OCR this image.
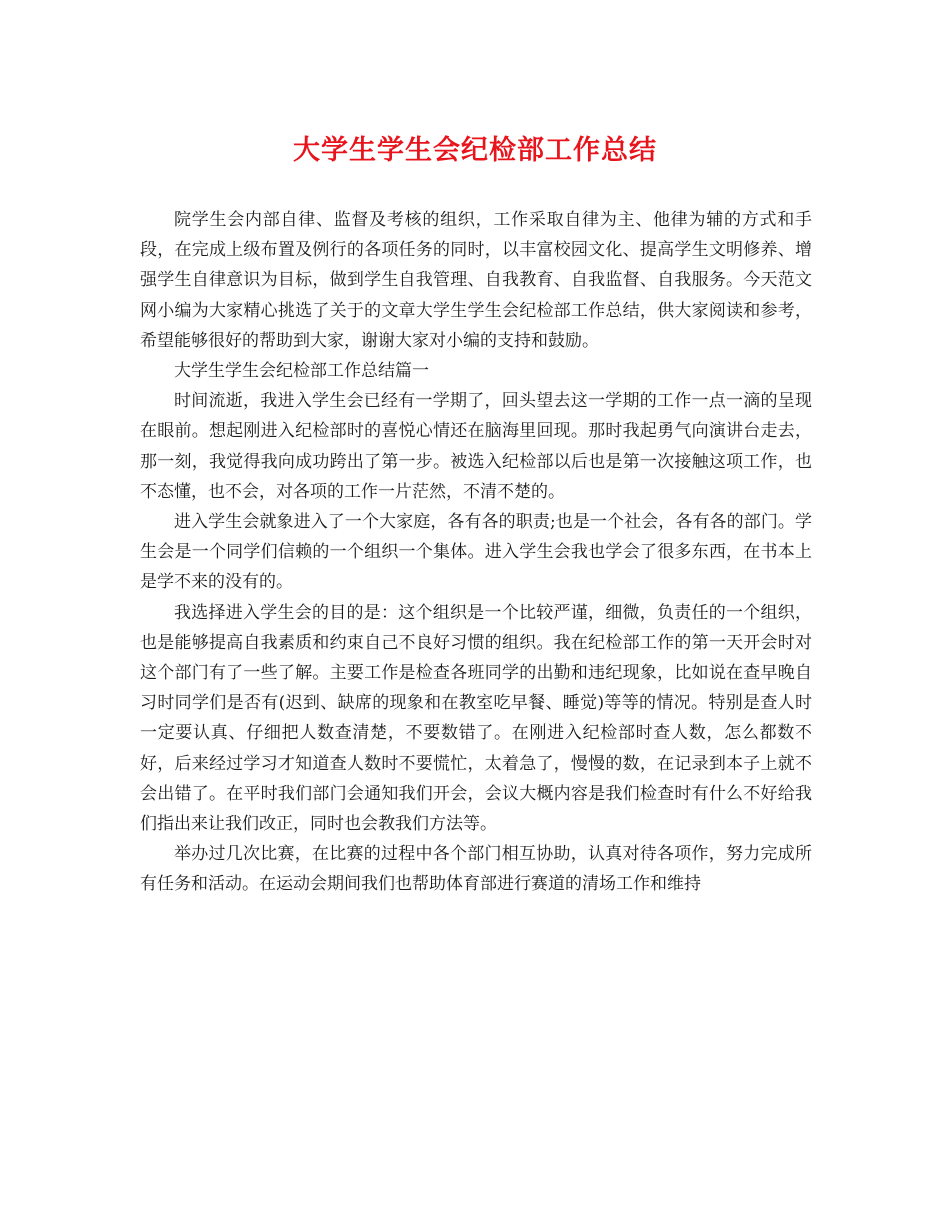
大学生学生会纪检部工作总结

院学生会内部自律、监督及考核的组织，工作采取自律为主、他律为辅的方式和手段，在完成上级布置及例行的各项任务的同时，以丰富校园文化、提高学生文明修养、增强学生自律意识为目标，做到学生自我管理、自我教育、自我监督、自我服务。今天范文网小编为大家精心挑选了关于的文章大学生学生会纪检部工作总结，供大家阅读和参考，希望能够很好的帮助到大家，谢谢大家对小编的支持和鼓励。

大学生学生会纪检部工作总结篇一

时间流逝，我进入学生会已经有一学期了，回头望去这一学期的工作一点一滴的呈现在眼前。想起刚进入纪检部时的喜悦心情还在脑海里回现。那时我起勇气向演讲台走去，那一刻，我觉得我向成功跨出了第一步。被选入纪检部以后也是第一次接触这项工作，也不态懂，也不会，对各项的工作一片茫然，不清不楚的。

进入学生会就象进入了一个大家庭，各有各的职责;也是一个社会，各有各的部门。学生会是一个同学们信赖的一个组织一个集体。进入学生会我也学会了很多东西，在书本上是学不来的没有的。

我选择进入学生会的目的是：这个组织是一个比较严谨，细微，负责任的一个组织，也是能够提高自我素质和约束自己不良好习惯的组织。我在纪检部工作的第一天开会时对这个部门有了一些了解。主要工作是检查各班同学的出勤和违纪现象，比如说在查早晚自习时同学们是否有(迟到、缺席的现象和在教室吃早餐、睡觉)等等的情况。特别是查人时一定要认真、仔细把人数查清楚，不要数错了。在刚进入纪检部时查人数，怎么都数不好，后来经过学习才知道查人数时不要慌忙，太着急了，慢慢的数，在记录到本子上就不会出错了。在平时我们部门会通知我们开会，会议大概内容是我们检查时有什么不好给我们指出来让我们改正，同时也会教我们方法等。

举办过几次比赛，在比赛的过程中各个部门相互协助，认真对待各项作，努力完成所有任务和活动。在运动会期间我们也帮助体育部进行赛道的清场工作和维持
